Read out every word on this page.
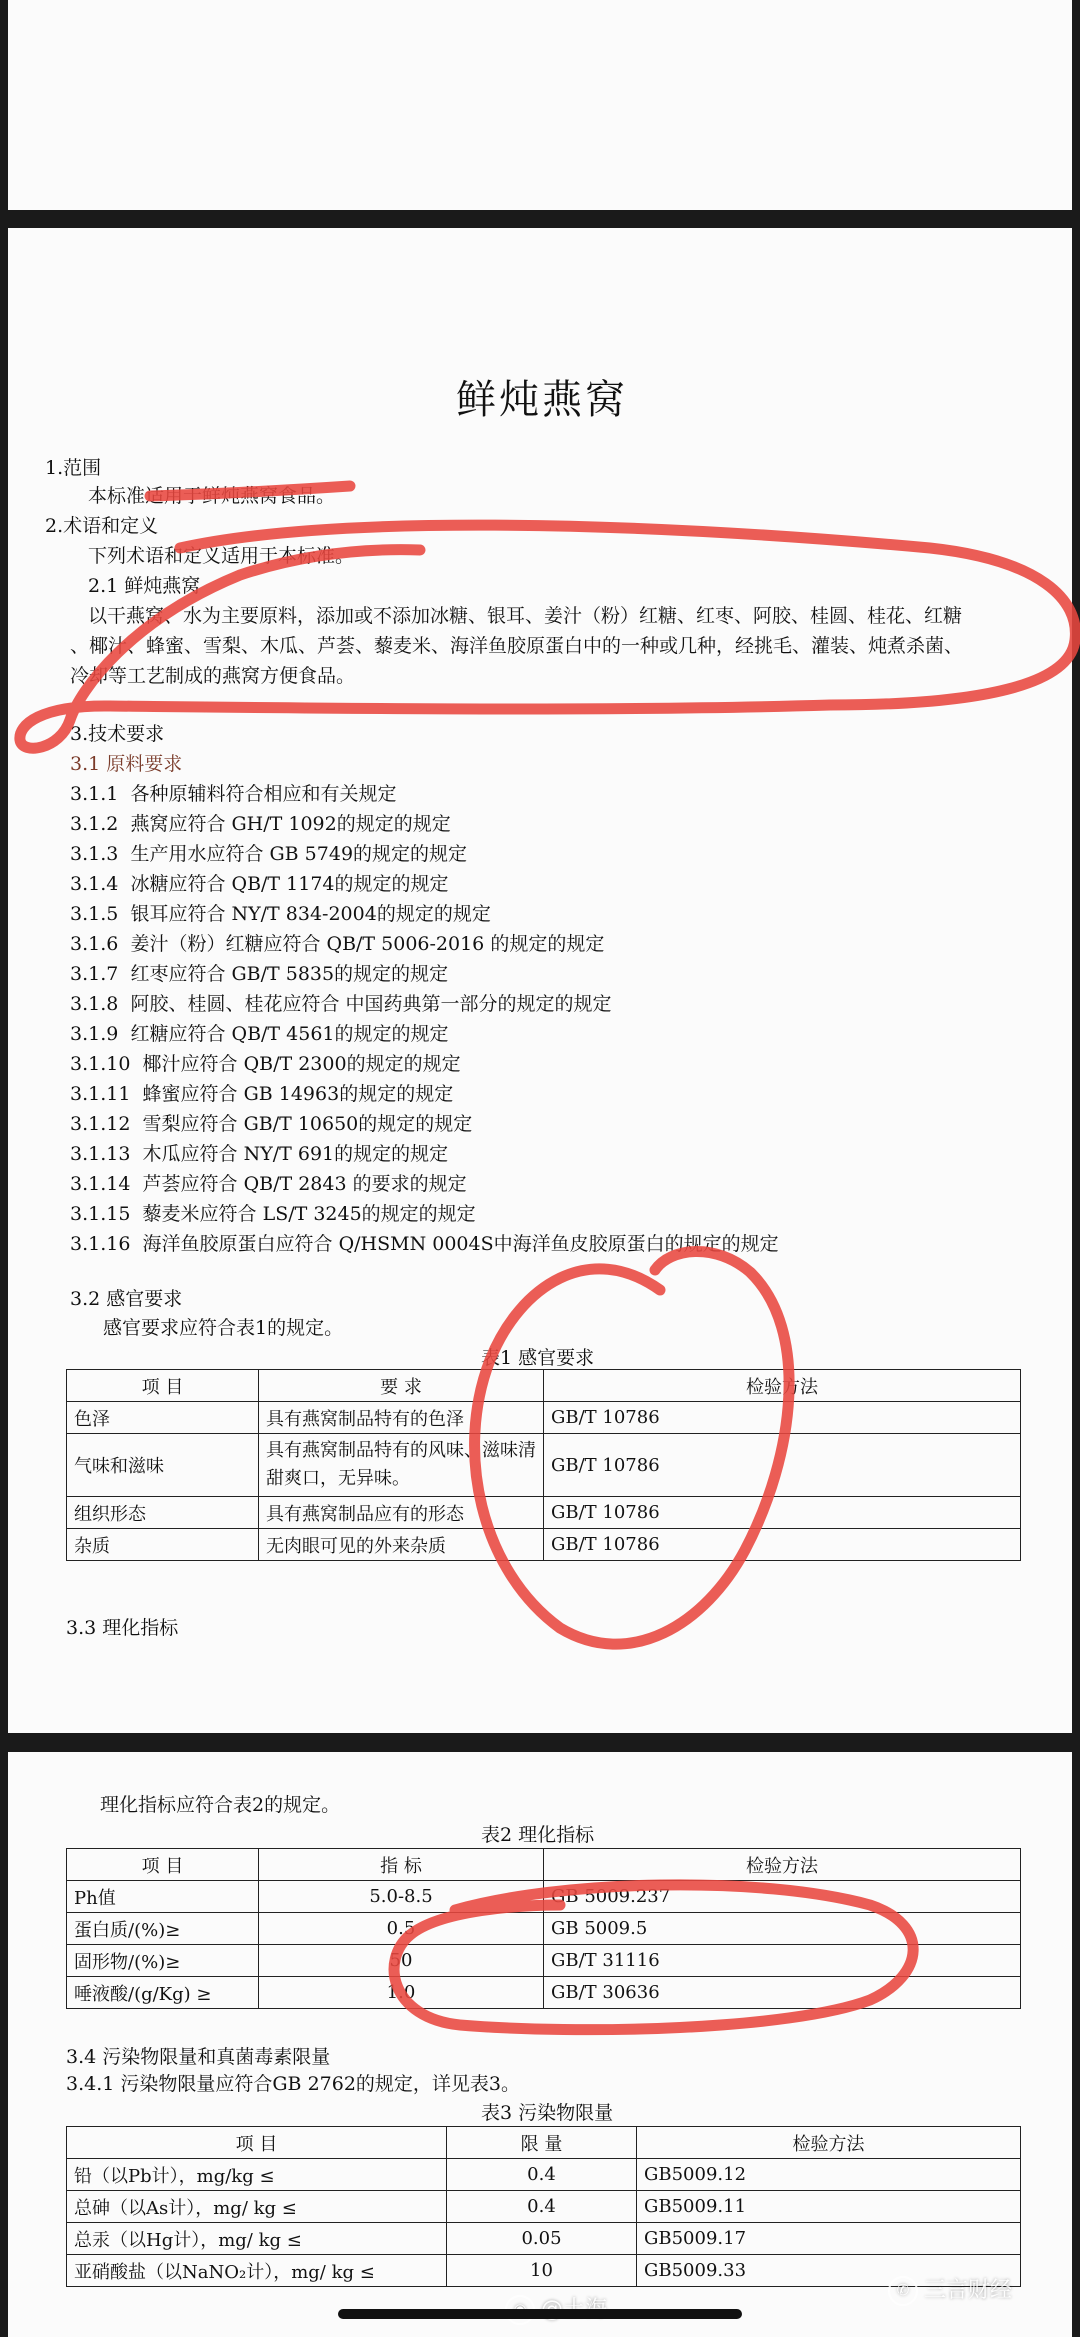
鲜炖燕窝
1.范围
本标准适用于鲜炖燕窝食品。
2.术语和定义
下列术语和定义适用于本标准。
2.1 鲜炖燕窝
以干燕窝、水为主要原料，添加或不添加冰糖、银耳、姜汁（粉）红糖、红枣、阿胶、桂圆、桂花、红糖
、椰汁、蜂蜜、雪梨、木瓜、芦荟、藜麦米、海洋鱼胶原蛋白中的一种或几种，经挑毛、灌装、炖煮杀菌、
冷却等工艺制成的燕窝方便食品。
3.技术要求
3.1 原料要求
3.1.1 各种原辅料符合相应和有关规定
3.1.2 燕窝应符合 GH/T 1092的规定的规定
3.1.3 生产用水应符合 GB 5749的规定的规定
3.1.4 冰糖应符合 QB/T 1174的规定的规定
3.1.5 银耳应符合 NY/T 834-2004的规定的规定
3.1.6 姜汁（粉）红糖应符合 QB/T 5006-2016 的规定的规定
3.1.7 红枣应符合 GB/T 5835的规定的规定
3.1.8 阿胶、桂圆、桂花应符合 中国药典第一部分的规定的规定
3.1.9 红糖应符合 QB/T 4561的规定的规定
3.1.10 椰汁应符合 QB/T 2300的规定的规定
3.1.11 蜂蜜应符合 GB 14963的规定的规定
3.1.12 雪梨应符合 GB/T 10650的规定的规定
3.1.13 木瓜应符合 NY/T 691的规定的规定
3.1.14 芦荟应符合 QB/T 2843 的要求的规定
3.1.15 藜麦米应符合 LS/T 3245的规定的规定
3.1.16 海洋鱼胶原蛋白应符合 Q/HSMN 0004S中海洋鱼皮胶原蛋白的规定的规定
3.2 感官要求
感官要求应符合表1的规定。
表1 感官要求
项 目	要 求	检验方法
色泽	具有燕窝制品特有的色泽	GB/T 10786
气味和滋味	具有燕窝制品特有的风味、滋味清甜爽口，无异味。	GB/T 10786
组织形态	具有燕窝制品应有的形态	GB/T 10786
杂质	无肉眼可见的外来杂质	GB/T 10786
3.3 理化指标
理化指标应符合表2的规定。
表2 理化指标
项 目	指 标	检验方法
Ph值	5.0-8.5	GB 5009.237
蛋白质/(%)≥	0.5	GB 5009.5
固形物/(%)≥	50	GB/T 31116
唾液酸/(g/Kg) ≥	1.0	GB/T 30636
3.4 污染物限量和真菌毒素限量
3.4.1 污染物限量应符合GB 2762的规定，详见表3。
表3 污染物限量
项 目	限 量	检验方法
铅（以Pb计），mg/kg ≤	0.4	GB5009.12
总砷（以As计），mg/ kg ≤	0.4	GB5009.11
总汞（以Hg计），mg/ kg ≤	0.05	GB5009.17
亚硝酸盐（以NaNO₂计），mg/ kg ≤	10	GB5009.33
✆ 三言财经
